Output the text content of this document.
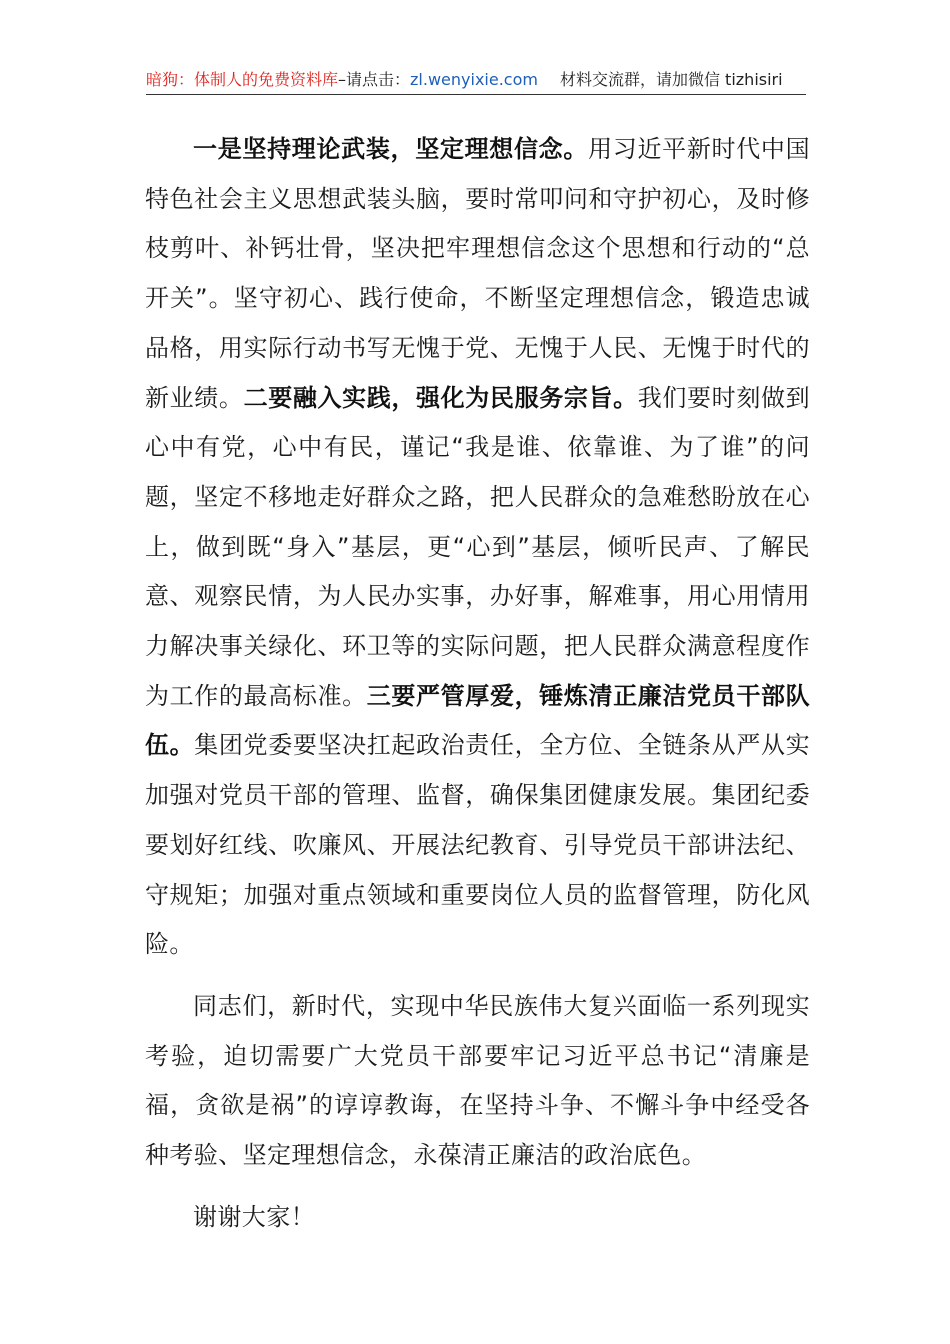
暗狗：体制人的免费资料库–请点击：zl.wenyixie.com 材料交流群，请加微信 tizhisiri

一是坚持理论武装，坚定理想信念。用习近平新时代中国特色社会主义思想武装头脑，要时常叩问和守护初心，及时修枝剪叶、补钙壮骨，坚决把牢理想信念这个思想和行动的“总开关”。坚守初心、践行使命，不断坚定理想信念，锻造忠诚品格，用实际行动书写无愧于党、无愧于人民、无愧于时代的新业绩。二要融入实践，强化为民服务宗旨。我们要时刻做到心中有党，心中有民，谨记“我是谁、依靠谁、为了谁”的问题，坚定不移地走好群众之路，把人民群众的急难愁盼放在心上，做到既“身入”基层，更“心到”基层，倾听民声、了解民意、观察民情，为人民办实事，办好事，解难事，用心用情用力解决事关绿化、环卫等的实际问题，把人民群众满意程度作为工作的最高标准。三要严管厚爱，锤炼清正廉洁党员干部队伍。集团党委要坚决扛起政治责任，全方位、全链条从严从实加强对党员干部的管理、监督，确保集团健康发展。集团纪委要划好红线、吹廉风、开展法纪教育、引导党员干部讲法纪、守规矩；加强对重点领域和重要岗位人员的监督管理，防化风险。

同志们，新时代，实现中华民族伟大复兴面临一系列现实考验，迫切需要广大党员干部要牢记习近平总书记“清廉是福，贪欲是祸”的谆谆教诲，在坚持斗争、不懈斗争中经受各种考验、坚定理想信念，永葆清正廉洁的政治底色。

谢谢大家！
